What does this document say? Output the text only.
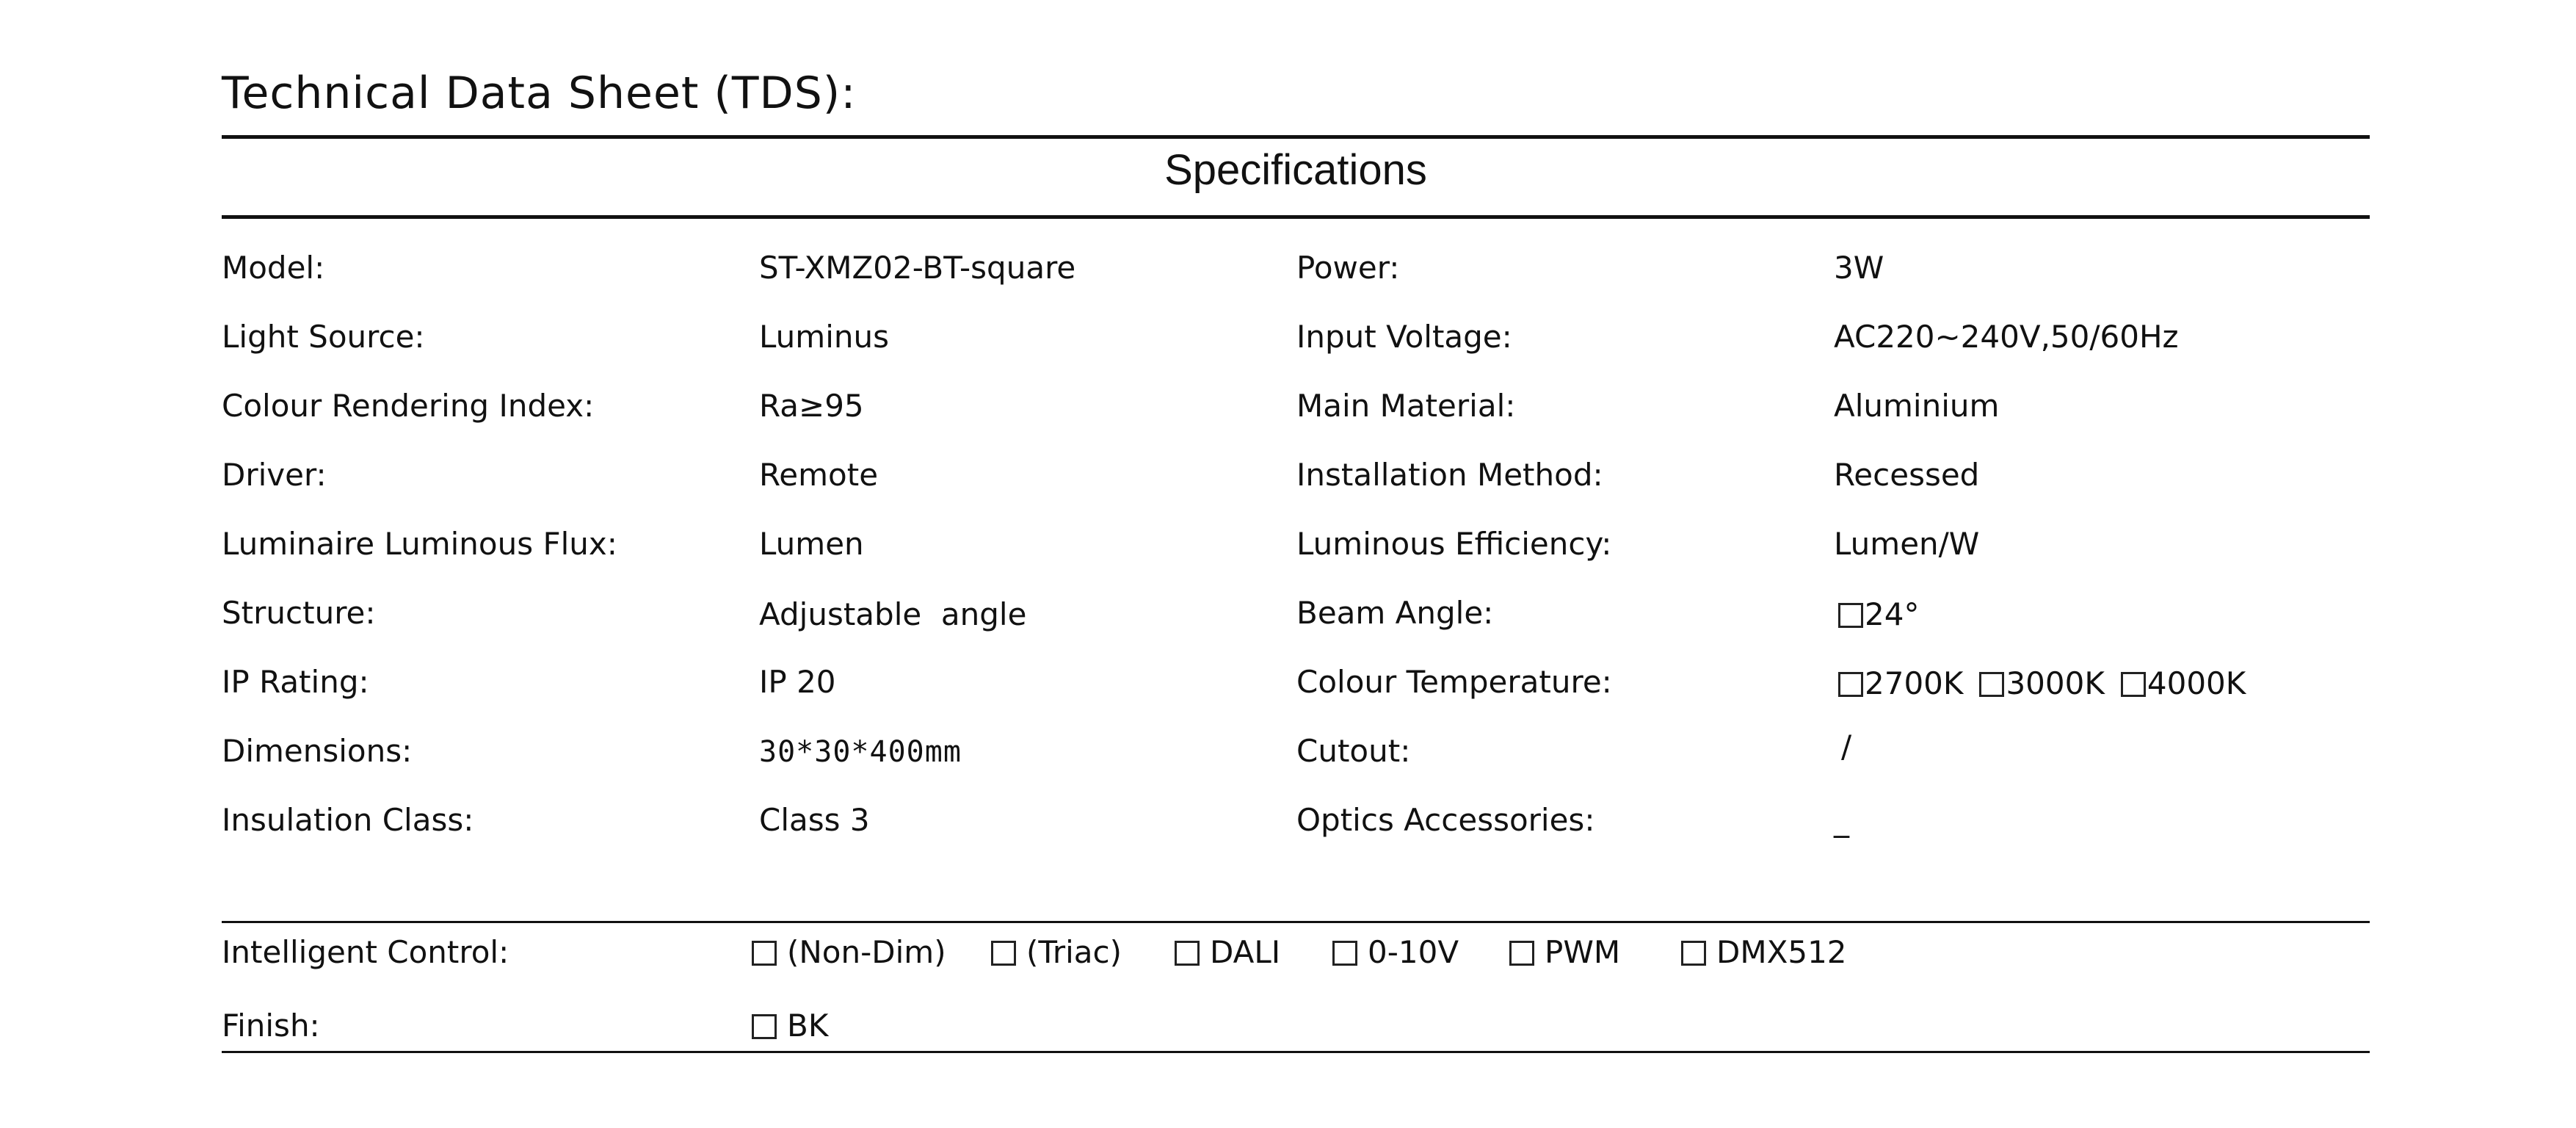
Technical Data Sheet (TDS):
Specifications
Model:	ST-XMZ02-BT-square
Light Source:	Luminus
Colour Rendering Index:	Ra≥95
Driver:	Remote
Luminaire Luminous Flux:	Lumen
Structure:	Adjustable  angle
IP Rating:	IP 20
Dimensions:	30*30*400mm
Insulation Class:	Class 3
Power:	3W
Input Voltage:	AC220~240V,50/60Hz
Main Material:	Aluminium
Installation Method:	Recessed
Luminous Efficiency:	Lumen/W
Beam Angle:	24°
Colour Temperature:	2700K 3000K 4000K
Cutout:	/
Optics Accessories:	_
Intelligent Control:	(Non-Dim)	(Triac)	DALI	0-10V	PWM	DMX512
Finish:	BK
